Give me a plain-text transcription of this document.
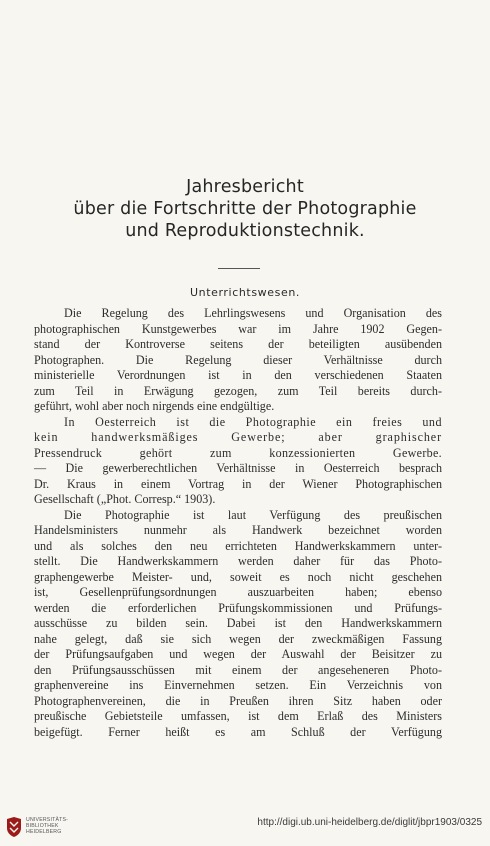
Jahresbericht
über die Fortschritte der Photographie
und Reproduktionstechnik.
Unterrichtswesen.
Die Regelung des Lehrlingswesens und Organisation des
photographischen Kunstgewerbes war im Jahre 1902 Gegen-
stand der Kontroverse seitens der beteiligten ausübenden
Photographen. Die Regelung dieser Verhältnisse durch
ministerielle Verordnungen ist in den verschiedenen Staaten
zum Teil in Erwägung gezogen, zum Teil bereits durch-
geführt, wohl aber noch nirgends eine endgültige.
In Oesterreich ist die Photographie ein freies und
kein handwerksmäßiges Gewerbe; aber graphischer
Pressendruck gehört zum konzessionierten Gewerbe.
— Die gewerberechtlichen Verhältnisse in Oesterreich besprach
Dr. Kraus in einem Vortrag in der Wiener Photographischen
Gesellschaft („Phot. Corresp.“ 1903).
Die Photographie ist laut Verfügung des preußischen
Handelsministers nunmehr als Handwerk bezeichnet worden
und als solches den neu errichteten Handwerkskammern unter-
stellt. Die Handwerkskammern werden daher für das Photo-
graphengewerbe Meister- und, soweit es noch nicht geschehen
ist, Gesellenprüfungsordnungen auszuarbeiten haben; ebenso
werden die erforderlichen Prüfungskommissionen und Prüfungs-
ausschüsse zu bilden sein. Dabei ist den Handwerkskammern
nahe gelegt, daß sie sich wegen der zweckmäßigen Fassung
der Prüfungsaufgaben und wegen der Auswahl der Beisitzer zu
den Prüfungsausschüssen mit einem der angeseheneren Photo-
graphenvereine ins Einvernehmen setzen. Ein Verzeichnis von
Photographenvereinen, die in Preußen ihren Sitz haben oder
preußische Gebietsteile umfassen, ist dem Erlaß des Ministers
beigefügt. Ferner heißt es am Schluß der Verfügung
UNIVERSITÄTS-
BIBLIOTHEK
HEIDELBERG
http://digi.ub.uni-heidelberg.de/diglit/jbpr1903/0325
